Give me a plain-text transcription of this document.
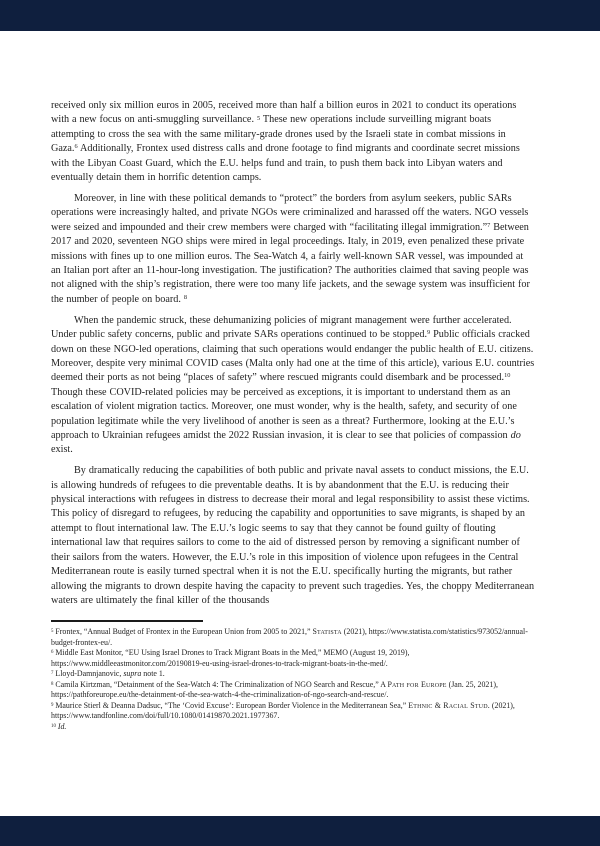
received only six million euros in 2005, received more than half a billion euros in 2021 to conduct its operations with a new focus on anti-smuggling surveillance. $^5$ These new operations include surveilling migrant boats attempting to cross the sea with the same military-grade drones used by the Israeli state in combat missions in Gaza.$^6$ Additionally, Frontex used distress calls and drone footage to find migrants and coordinate secret missions with the Libyan Coast Guard, which the E.U. helps fund and train, to push them back into Libyan waters and eventually detain them in horrific detention camps.

Moreover, in line with these political demands to “protect” the borders from asylum seekers, public SARs operations were increasingly halted, and private NGOs were criminalized and harassed off the waters. NGO vessels were seized and impounded and their crew members were charged with “facilitating illegal immigration.”$^7$ Between 2017 and 2020, seventeen NGO ships were mired in legal proceedings. Italy, in 2019, even penalized these private missions with fines up to one million euros. The Sea-Watch 4, a fairly well-known SAR vessel, was impounded at an Italian port after an 11-hour-long investigation. The justification? The authorities claimed that saving people was not aligned with the ship’s registration, there were too many life jackets, and the sewage system was insufficient for the number of people on board. $^8$

When the pandemic struck, these dehumanizing policies of migrant management were further accelerated. Under public safety concerns, public and private SARs operations continued to be stopped.$^9$ Public officials cracked down on these NGO-led operations, claiming that such operations would endanger the public health of E.U. citizens. Moreover, despite very minimal COVID cases (Malta only had one at the time of this article), various E.U. countries deemed their ports as not being “places of safety” where rescued migrants could disembark and be processed.$^{10}$ Though these COVID-related policies may be perceived as exceptions, it is important to understand them as an escalation of violent migration tactics. Moreover, one must wonder, why is the health, safety, and security of one population legitimate while the very livelihood of another is seen as a threat? Furthermore, looking at the E.U.’s approach to Ukrainian refugees amidst the 2022 Russian invasion, it is clear to see that policies of compassion do exist.

By dramatically reducing the capabilities of both public and private naval assets to conduct missions, the E.U. is allowing hundreds of refugees to die preventable deaths. It is by abandonment that the E.U. is reducing their physical interactions with refugees in distress to decrease their moral and legal responsibility to assist these victims. This policy of disregard to refugees, by reducing the capability and opportunities to save migrants, is shaped by an attempt to flout international law. The E.U.’s logic seems to say that they cannot be found guilty of flouting international law that requires sailors to come to the aid of distressed person by removing a significant number of their sailors from the waters. However, the E.U.’s role in this imposition of violence upon refugees in the Central Mediterranean route is easily turned spectral when it is not the E.U. specifically hurting the migrants, but rather allowing the migrants to drown despite having the capacity to prevent such tragedies. Yes, the choppy Mediterranean waters are ultimately the final killer of the thousands

$^5$ Frontex, “Annual Budget of Frontex in the European Union from 2005 to 2021,” Statista (2021), https://www.statista.com/statistics/973052/annual-budget-frontex-eu/.

$^6$ Middle East Monitor, “EU Using Israel Drones to Track Migrant Boats in the Med,” MEMO (August 19, 2019), https://www.middleeastmonitor.com/20190819-eu-using-israel-drones-to-track-migrant-boats-in-the-med/.

$^7$ Lloyd-Damnjanovic, supra note 1.

$^8$ Camila Kirtzman, “Detainment of the Sea-Watch 4: The Criminalization of NGO Search and Rescue,” A Path for Europe (Jan. 25, 2021), https://pathforeurope.eu/the-detainment-of-the-sea-watch-4-the-criminalization-of-ngo-search-and-rescue/.

$^9$ Maurice Stierl & Deanna Dadsuc, “The ‘Covid Excuse’: European Border Violence in the Mediterranean Sea,” Ethnic & Racial Stud. (2021), https://www.tandfonline.com/doi/full/10.1080/01419870.2021.1977367.

$^{10}$ Id.
